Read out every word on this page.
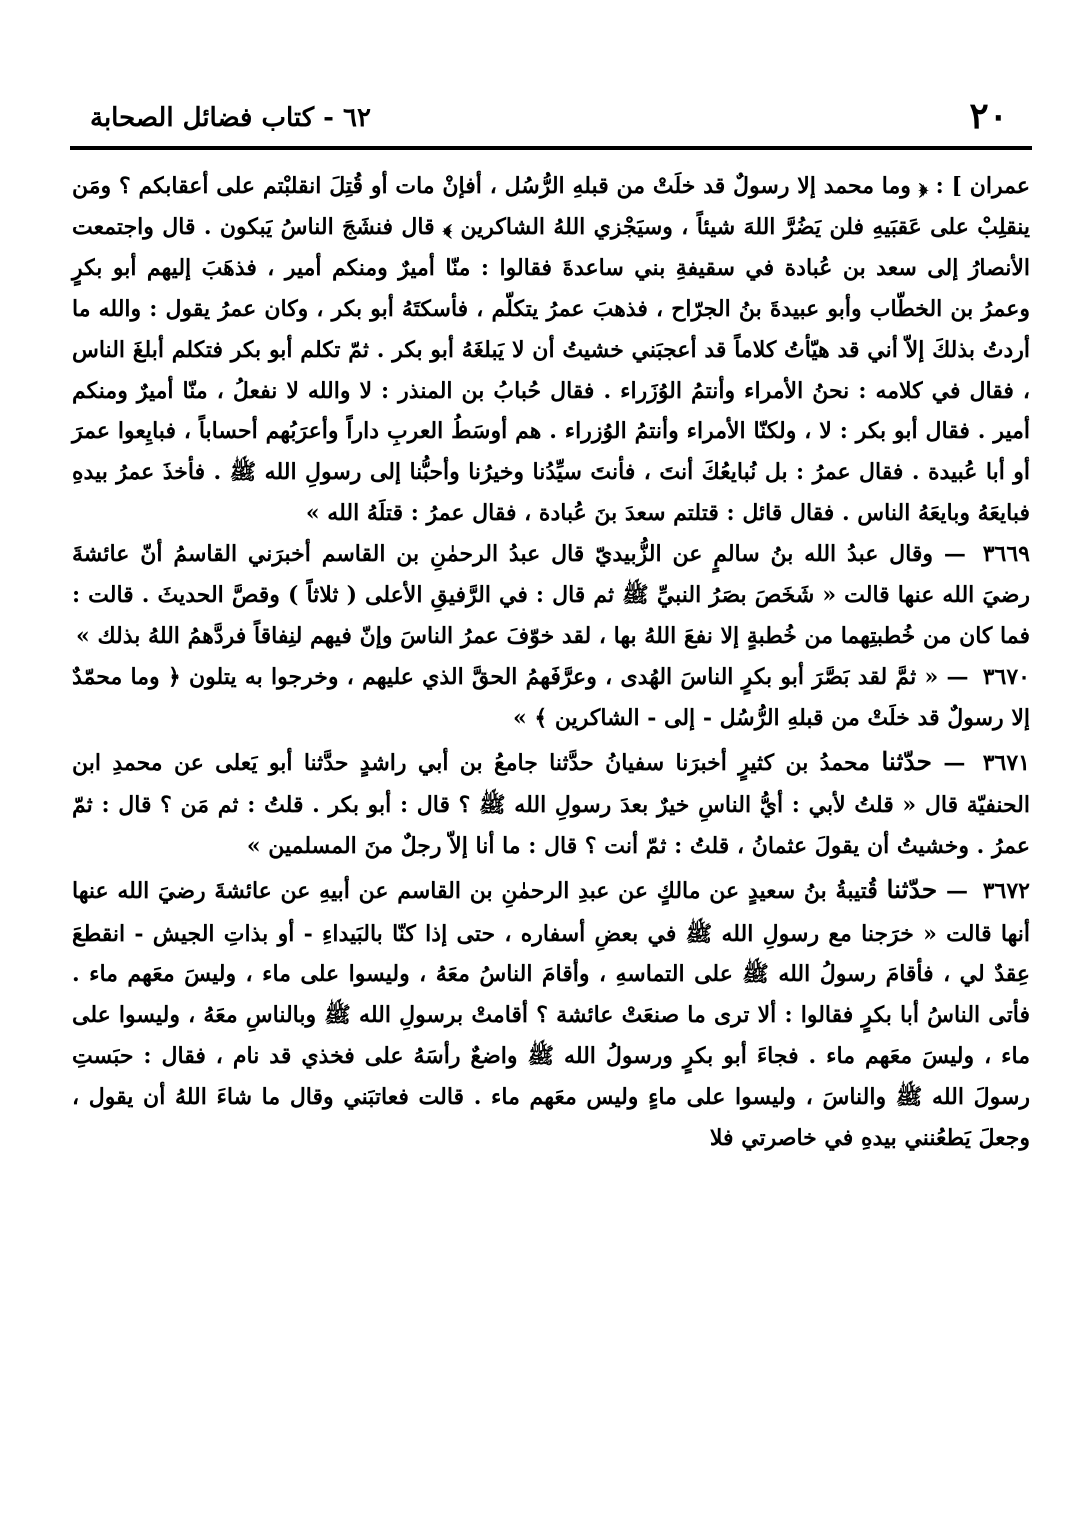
٢٠
٦٢ - كتاب فضائل الصحابة

عمران ] : ﴿ وما محمد إلا رسولٌ قد خلَتْ من قبلهِ الرُّسُل ، أفإنْ مات أو قُتِلَ انقلبْتم على أعقابكم ؟ ومَن ينقلِبْ على عَقبَيهِ فلن يَضُرَّ اللهَ شيئاً ، وسيَجْزي اللهُ الشاكرين ﴾ قال فنشَجَ الناسُ يَبكون . قال واجتمعت الأنصارُ إلى سعد بن عُبادة في سقيفةِ بني ساعدةَ فقالوا : منّا أميرٌ ومنكم أمير ، فذهَبَ إليهم أبو بكرٍ وعمرُ بن الخطّاب وأبو عبيدةَ بنُ الجرّاح ، فذهبَ عمرُ يتكلّم ، فأسكتَهُ أبو بكر ، وكان عمرُ يقول : والله ما أردتُ بذلكَ إلاّ أني قد هيّأتُ كلاماً قد أعجبَني خشيتُ أن لا يَبلغَهُ أبو بكر . ثمّ تكلم أبو بكر فتكلم أبلغَ الناس ، فقال في كلامه : نحنُ الأمراء وأنتمُ الوُزَراء . فقال حُبابُ بن المنذر : لا والله لا نفعلُ ، منّا أميرٌ ومنكم أمير . فقال أبو بكر : لا ، ولكنّا الأمراء وأنتمُ الوُزراء . هم أوسَطُ العربِ داراً وأعرَبُهم أحساباً ، فبايِعوا عمرَ أو أبا عُبيدة . فقال عمرُ : بل نُبايعُكَ أنتَ ، فأنتَ سيِّدُنا وخيرُنا وأحبُّنا إلى رسولِ الله ﷺ . فأخذَ عمرُ بيدهِ فبايعَهُ وبايعَهُ الناس . فقال قائل : قتلتم سعدَ بنَ عُبادة ، فقال عمرُ : قتلَهُ الله »

٣٦٦٩ — وقال عبدُ الله بنُ سالمٍ عن الزُّبيديّ قال عبدُ الرحمٰنِ بن القاسم أخبرَني القاسمُ أنّ عائشةَ رضيَ الله عنها قالت « شَخَصَ بصَرُ النبيِّ ﷺ ثم قال : في الرَّفيقِ الأعلى ( ثلاثاً ) وقصَّ الحديثَ . قالت : فما كان من خُطبتِهما من خُطبةٍ إلا نفعَ اللهُ بها ، لقد خوّفَ عمرُ الناسَ وإنّ فيهم لنِفاقاً فردَّهمُ اللهُ بذلك »

٣٦٧٠ — « ثمَّ لقد بَصَّرَ أبو بكرٍ الناسَ الهُدى ، وعرَّفَهمُ الحقَّ الذي عليهم ، وخرجوا به يتلون ﴿ وما محمّدٌ إلا رسولٌ قد خلَتْ من قبلهِ الرُّسُل - إلى - الشاكرين ﴾ »

٣٦٧١ — حدّثنا محمدُ بن كثيرٍ أخبرَنا سفيانُ حدَّثنا جامعُ بن أبي راشدٍ حدَّثنا أبو يَعلى عن محمدِ ابن الحنفيّة قال « قلتُ لأبي : أيُّ الناسِ خيرٌ بعدَ رسولِ الله ﷺ ؟ قال : أبو بكر . قلتُ : ثم مَن ؟ قال : ثمّ عمرُ . وخشيتُ أن يقولَ عثمانُ ، قلتُ : ثمّ أنت ؟ قال : ما أنا إلاّ رجلٌ منَ المسلمين »

٣٦٧٢ — حدّثنا قُتيبةُ بنُ سعيدٍ عن مالكٍ عن عبدِ الرحمٰنِ بن القاسم عن أبيهِ عن عائشةَ رضيَ الله عنها أنها قالت « خرَجنا مع رسولِ الله ﷺ في بعضِ أسفاره ، حتى إذا كنّا بالبَيداءِ - أو بذاتِ الجيش - انقطعَ عِقدٌ لي ، فأقامَ رسولُ الله ﷺ على التماسهِ ، وأقامَ الناسُ معَهُ ، وليسوا على ماء ، وليسَ معَهم ماء . فأتى الناسُ أبا بكرٍ فقالوا : ألا ترى ما صنعَتْ عائشة ؟ أقامتْ برسولِ الله ﷺ وبالناسِ معَهُ ، وليسوا على ماء ، وليسَ معَهم ماء . فجاءَ أبو بكرٍ ورسولُ الله ﷺ واضعٌ رأسَهُ على فخذي قد نام ، فقال : حبَستِ رسولَ الله ﷺ والناسَ ، وليسوا على ماءٍ وليس معَهم ماء . قالت فعاتبَني وقال ما شاءَ اللهُ أن يقول ، وجعلَ يَطعُنني بيدهِ في خاصرتي فلا
